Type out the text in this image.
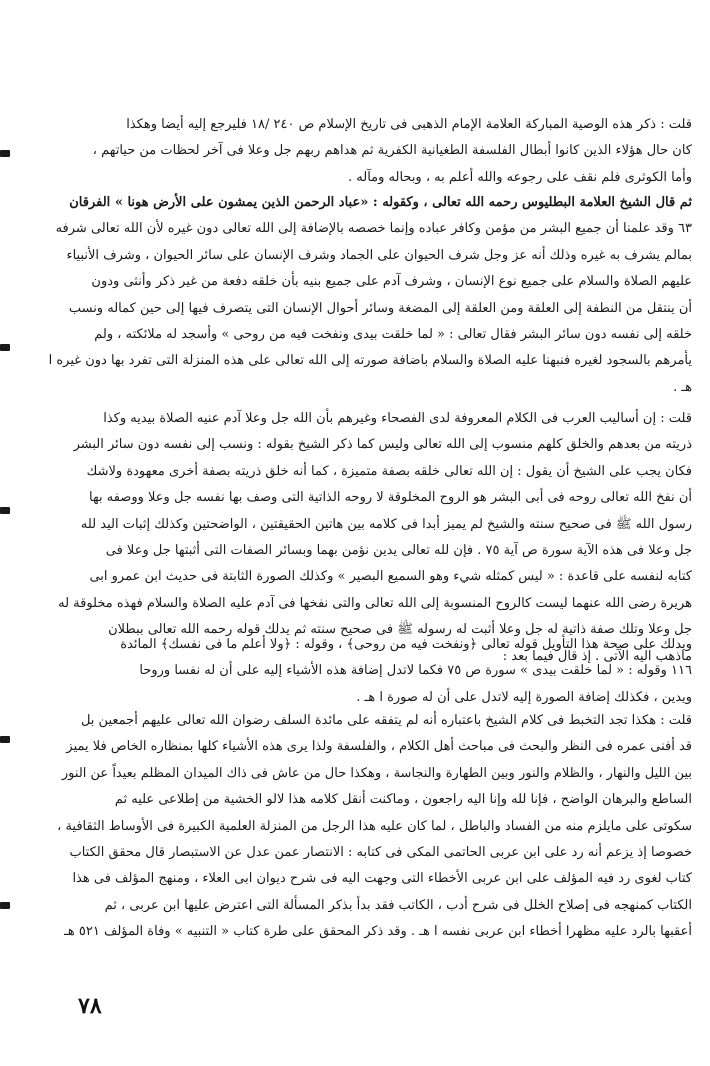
قلت : ذكر هذه الوصية المباركة العلامة الإمام الذهبى فى تاريخ الإسلام ص ٢٤٠ /١٨ فليرجع إليه أيضا وهكذا
كان حال هؤلاء الذين كانوا أبطال الفلسفة الطغيانية الكفرية ثم هداهم ربهم جل وعلا فى آخر لحظات من حياتهم ،
وأما الكوثرى فلم نقف على رجوعه والله أعلم به ، وبحاله ومآله .
ثم قال الشيخ العلامة البطليوس رحمه الله تعالى ، وكقوله : «عباد الرحمن الذين يمشون على الأرض هونا » الفرقان
٦٣ وقد علمنا أن جميع البشر من مؤمن وكافر عباده وإنما خصصه بالإضافة إلى الله تعالى دون غيره لأن الله تعالى شرفه
بمالم يشرف به غيره وذلك أنه عز وجل شرف الحيوان على الجماد وشرف الإنسان على سائر الحيوان ، وشرف الأنبياء
عليهم الصلاة والسلام على جميع نوع الإنسان ، وشرف آدم على جميع بنيه بأن خلقه دفعة من غير ذكر وأنثى ودون
أن ينتقل من النطفة إلى العلقة ومن العلقة إلى المضغة وسائر أحوال الإنسان التى يتصرف فيها إلى حين كماله ونسب
خلقه إلى نفسه دون سائر البشر فقال تعالى : « لما خلقت بيدى ونفخت فيه من روحى » وأسجد له ملائكته ، ولم
يأمرهم بالسجود لغيره فنبهنا عليه الصلاة والسلام باضافة صورته إلى الله تعالى على هذه المنزلة التى تفرد بها دون غيره ا
هـ .
قلت : إن أساليب العرب فى الكلام المعروفة لدى الفصحاء وغيرهم بأن الله جل وعلا آدم عنيه الصلاة بيديه وكذا
ذريته من بعدهم والخلق كلهم منسوب إلى الله تعالى وليس كما ذكر الشيخ بقوله : ونسب إلى نفسه دون سائر البشر
فكان يجب على الشيخ أن يقول : إن الله تعالى خلقه بصفة متميزة ، كما أنه خلق ذريته بصفة أخرى معهودة ولاشك
أن نفخ الله تعالى روحه فى أبى البشر هو الروح المخلوقة لا روحه الذاتية التى وصف بها نفسه جل وعلا ووصفه بها
رسول الله ﷺ فى صحيح سنته والشيخ لم يميز أبدا فى كلامه بين هاتين الحقيقتين ، الواضحتين وكذلك إثبات اليد لله
جل وعلا فى هذه الآية سورة ص آية ٧٥ . فإن لله تعالى يدين نؤمن بهما وبسائر الصفات التى أثبتها جل وعلا فى
كتابه لنفسه على قاعدة : « ليس كمثله شيء وهو السميع البصير » وكذلك الصورة الثابتة فى حديث ابن عمرو ابى
هريرة رضى الله عنهما ليست كالروح المنسوبة إلى الله تعالى والتى نفخها فى آدم عليه الصلاة والسلام فهذه مخلوقة له
جل وعلا وتلك صفة ذاتية له جل وعلا أثبت له رسوله ﷺ فى صحيح سنته ثم يدلك قوله رحمه الله تعالى ببطلان
ماذهب اليه الآتى . إذ قال فيما بعد :
ويدلك على صحة هذا التأويل قوله تعالى ﴿ونفخت فيه من روحى﴾ ، وقوله : ﴿ولا أعلم ما فى نفسك﴾ المائدة
١١٦ وقوله : « لما خلقت بيدى » سورة ص ٧٥ فكما لاتدل إضافة هذه الأشياء إليه على أن له نفسا وروحا
ويدين ، فكذلك إضافة الصورة إليه لاتدل على أن له صورة ا هـ .
قلت : هكذا تجد التخبط فى كلام الشيخ باعتباره أنه لم يتفقه على مائدة السلف رضوان الله تعالى عليهم أجمعين بل
قد أفنى عمره فى النظر والبحث فى مباحث أهل الكلام ، والفلسفة ولذا يرى هذه الأشياء كلها بمنظاره الخاص فلا يميز
بين الليل والنهار ، والظلام والنور وبين الطهارة والنجاسة ، وهكذا حال من عاش فى ذاك الميدان المظلم بعيداً عن النور
الساطع والبرهان الواضح ، فإنا لله وإنا اليه راجعون ، وماكنت أنقل كلامه هذا لالو الخشية من إطلاعى عليه ثم
سكوتى على مايلزم منه من الفساد والباطل ، لما كان عليه هذا الرجل من المنزلة العلمية الكبيرة فى الأوساط الثقافية ،
خصوصا إذ يزعم أنه رد على ابن عربى الحاتمى المكى فى كتابه : الانتصار عمن عدل عن الاستبصار قال محقق الكتاب
كتاب لغوى رد فيه المؤلف على ابن عربى الأخطاء التى وجهت اليه فى شرح ديوان ابى العلاء ، ومنهج المؤلف فى هذا
الكتاب كمنهجه فى إصلاح الخلل فى شرح أدب ، الكاتب فقد بدأ بذكر المسألة التى اعترض عليها ابن عربى ، ثم
أعقبها بالرد عليه مظهرا أخطاء ابن عربى نفسه ا هـ . وقد ذكر المحقق على طرة كتاب « التنبيه » وفاة المؤلف ٥٢١ هـ
٧٨
